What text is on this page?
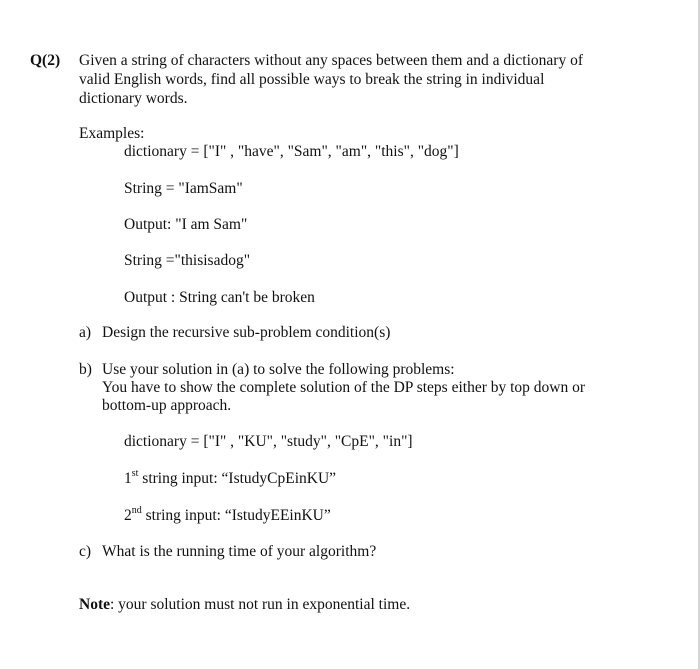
Q(2) Given a string of characters without any spaces between them and a dictionary of
valid English words, find all possible ways to break the string in individual
dictionary words.
Examples:
dictionary = ["I" , "have", "Sam", "am", "this", "dog"]
String = "IamSam"
Output: "I am Sam"
String ="thisisadog"
Output : String can't be broken
a) Design the recursive sub-problem condition(s)
b) Use your solution in (a) to solve the following problems:
You have to show the complete solution of the DP steps either by top down or
bottom-up approach.
dictionary = ["I" , "KU", "study", "CpE", "in"]
1st string input: “IstudyCpEinKU”
2nd string input: “IstudyEEinKU”
c) What is the running time of your algorithm?
Note: your solution must not run in exponential time.
